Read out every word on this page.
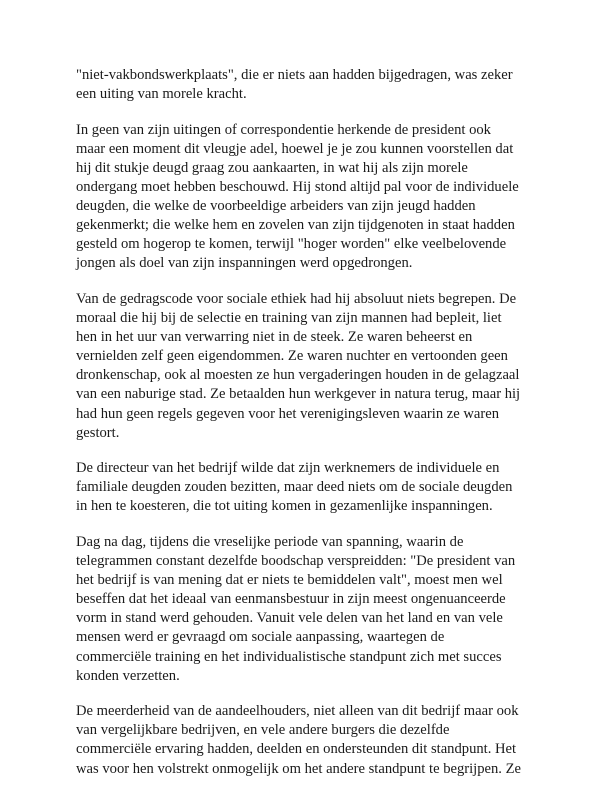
"niet-vakbondswerkplaats", die er niets aan hadden bijgedragen, was zeker
een uiting van morele kracht.

In geen van zijn uitingen of correspondentie herkende de president ook
maar een moment dit vleugje adel, hoewel je je zou kunnen voorstellen dat
hij dit stukje deugd graag zou aankaarten, in wat hij als zijn morele
ondergang moet hebben beschouwd. Hij stond altijd pal voor de individuele
deugden, die welke de voorbeeldige arbeiders van zijn jeugd hadden
gekenmerkt; die welke hem en zovelen van zijn tijdgenoten in staat hadden
gesteld om hogerop te komen, terwijl "hoger worden" elke veelbelovende
jongen als doel van zijn inspanningen werd opgedrongen.

Van de gedragscode voor sociale ethiek had hij absoluut niets begrepen. De
moraal die hij bij de selectie en training van zijn mannen had bepleit, liet
hen in het uur van verwarring niet in de steek. Ze waren beheerst en
vernielden zelf geen eigendommen. Ze waren nuchter en vertoonden geen
dronkenschap, ook al moesten ze hun vergaderingen houden in de gelagzaal
van een naburige stad. Ze betaalden hun werkgever in natura terug, maar hij
had hun geen regels gegeven voor het verenigingsleven waarin ze waren
gestort.

De directeur van het bedrijf wilde dat zijn werknemers de individuele en
familiale deugden zouden bezitten, maar deed niets om de sociale deugden
in hen te koesteren, die tot uiting komen in gezamenlijke inspanningen.

Dag na dag, tijdens die vreselijke periode van spanning, waarin de
telegrammen constant dezelfde boodschap verspreidden: "De president van
het bedrijf is van mening dat er niets te bemiddelen valt", moest men wel
beseffen dat het ideaal van eenmansbestuur in zijn meest ongenuanceerde
vorm in stand werd gehouden. Vanuit vele delen van het land en van vele
mensen werd er gevraagd om sociale aanpassing, waartegen de
commerciële training en het individualistische standpunt zich met succes
konden verzetten.

De meerderheid van de aandeelhouders, niet alleen van dit bedrijf maar ook
van vergelijkbare bedrijven, en vele andere burgers die dezelfde
commerciële ervaring hadden, deelden en ondersteunden dit standpunt. Het
was voor hen volstrekt onmogelijk om het andere standpunt te begrijpen. Ze
